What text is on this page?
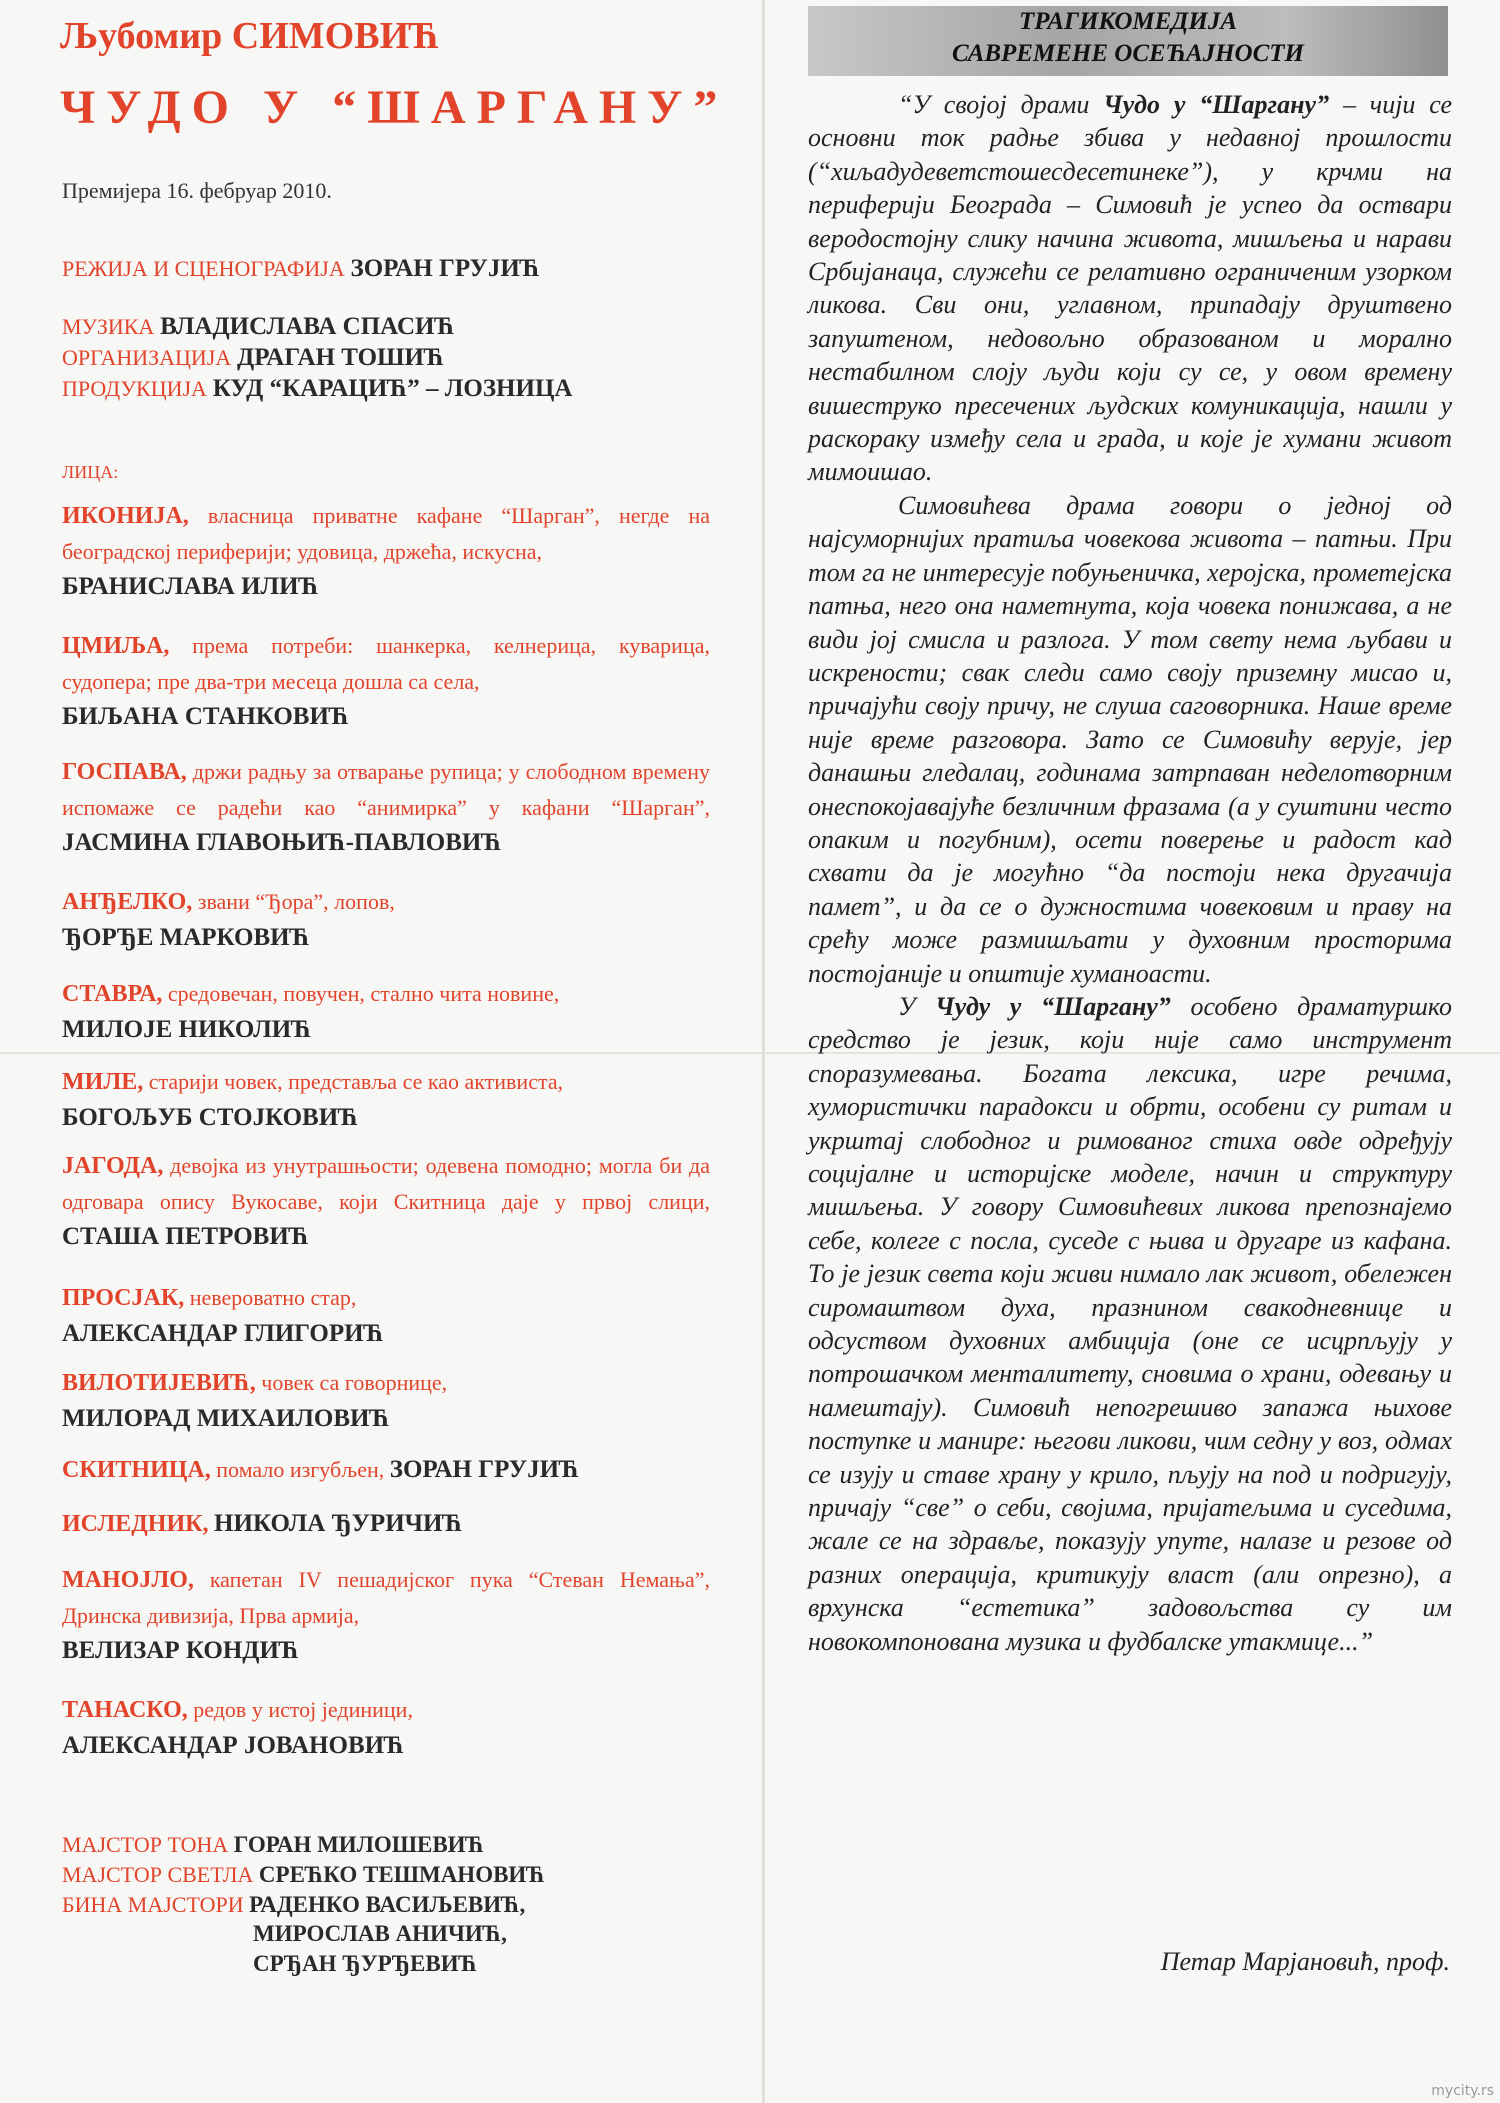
Љубомир СИМОВИЋ
ЧУДО У “ШАРГАНУ”
Премијера 16. фебруар 2010.
РЕЖИЈА И СЦЕНОГРАФИЈА ЗОРАН ГРУЈИЋ
МУЗИКА ВЛАДИСЛАВА СПАСИЋ
ОРГАНИЗАЦИЈА ДРАГАН ТОШИЋ
ПРОДУКЦИЈА КУД “КАРАЦИЋ” – ЛОЗНИЦА
ЛИЦА:
ИКОНИЈА, власница приватне кафане “Шарган”, негде на београдској периферији; удовица, држећа, искусна,
БРАНИСЛАВА ИЛИЋ
ЦМИЉА, према потреби: шанкерка, келнерица, куварица, судопера; пре два-три месеца дошла са села,
БИЉАНА СТАНКОВИЋ
ГОСПАВА, држи радњу за отварање рупица; у слободном времену испомаже се радећи као “анимирка” у кафани “Шарган”, ЈАСМИНА ГЛАВОЊИЋ-ПАВЛОВИЋ
АНЂЕЛКО, звани “Ђора”, лопов,
ЂОРЂЕ МАРКОВИЋ
СТАВРА, средовечан, повучен, стално чита новине,
МИЛОЈЕ НИКОЛИЋ
МИЛЕ, старији човек, представља се као активиста,
БОГОЉУБ СТОЈКОВИЋ
ЈАГОДА, девојка из унутрашњости; одевена помодно; могла би да одговара опису Вукосаве, који Скитница даје у првој слици, СТАША ПЕТРОВИЋ
ПРОСЈАК, невероватно стар,
АЛЕКСАНДАР ГЛИГОРИЋ
ВИЛОТИЈЕВИЋ, човек са говорнице,
МИЛОРАД МИХАИЛОВИЋ
СКИТНИЦА, помало изгубљен, ЗОРАН ГРУЈИЋ
ИСЛЕДНИК, НИКОЛА ЂУРИЧИЋ
МАНОЈЛО, капетан IV пешадијског пука “Стеван Немања”, Дринска дивизија, Прва армија,
ВЕЛИЗАР КОНДИЋ
ТАНАСКО, редов у истој јединици,
АЛЕКСАНДАР ЈОВАНОВИЋ
МАЈСТОР ТОНА ГОРАН МИЛОШЕВИЋ
МАЈСТОР СВЕТЛА СРЕЋКО ТЕШМАНОВИЋ
БИНА МАЈСТОРИ РАДЕНКО ВАСИЉЕВИЋ,
МИРОСЛАВ АНИЧИЋ,
СРЂАН ЂУРЂЕВИЋ
ТРАГИКОМЕДИЈА
САВРЕМЕНЕ ОСЕЋАЈНОСТИ

“У својој драми Чудо у “Шаргану” – чији се основни ток радње збива у недавној прошлости (“хиљадудеветстошесдесетинеке”), у крчми на периферији Београда – Симовић је успео да оствари веродостојну слику начина живота, мишљења и нарави Србијанаца, служећи се релативно ограниченим узорком ликова. Сви они, углавном, припадају друштвено запуштеном, недовољно образованом и морално нестабилном слоју људи који су се, у овом времену вишеструко пресечених људских комуникација, нашли у раскораку између села и града, и које је хумани живот мимоишао.

Симовићева драма говори о једној од најсуморнијих пратиља човекова живота – патњи. При том га не интересује побуњеничка, херојска, прометејска патња, него она наметнута, која човека понижава, а не види јој смисла и разлога. У том свету нема љубави и искрености; свак следи само своју приземну мисао и, причајући своју причу, не слуша саговорника. Наше време није време разговора. Зато се Симовићу верује, јер данашњи гледалац, годинама затрпаван неделотворним онеспокојавајуће безличним фразама (а у суштини често опаким и погубним), осети поверење и радост кад схвати да је могућно “да постоји нека другачија памет”, и да се о дужностима човековим и праву на срећу може размишљати у духовним просторима постојаније и општије хуманоасти.

У Чуду у “Шаргану” особено драматуршко средство је језик, који није само инструмент споразумевања. Богата лексика, игре речима, хумористички парадокси и обрти, особени су ритам и укрштај слободног и римованог стиха овде одређују социјалне и историјске моделе, начин и структуру мишљења. У говору Симовићевих ликова препознајемо себе, колеге с посла, суседе с њива и другаре из кафана. То је језик света који живи нимало лак живот, обележен сиромаштвом духа, празнином свакодневнице и одсуством духовних амбиција (оне се исцрпљују у потрошачком менталитету, сновима о храни, одевању и намештају). Симовић непогрешиво запажа њихове поступке и манире: његови ликови, чим седну у воз, одмах се изују и ставе храну у крило, пљују на под и подригују, причају “све” о себи, својима, пријатељима и суседима, жале се на здравље, показују упуте, налазе и резове од разних операција, критикују власт (али опрезно), а врхунска “естетика” задовољства су им новокомпонована музика и фудбалске утакмице...”

Петар Марјановић, проф.
mycity.rs
